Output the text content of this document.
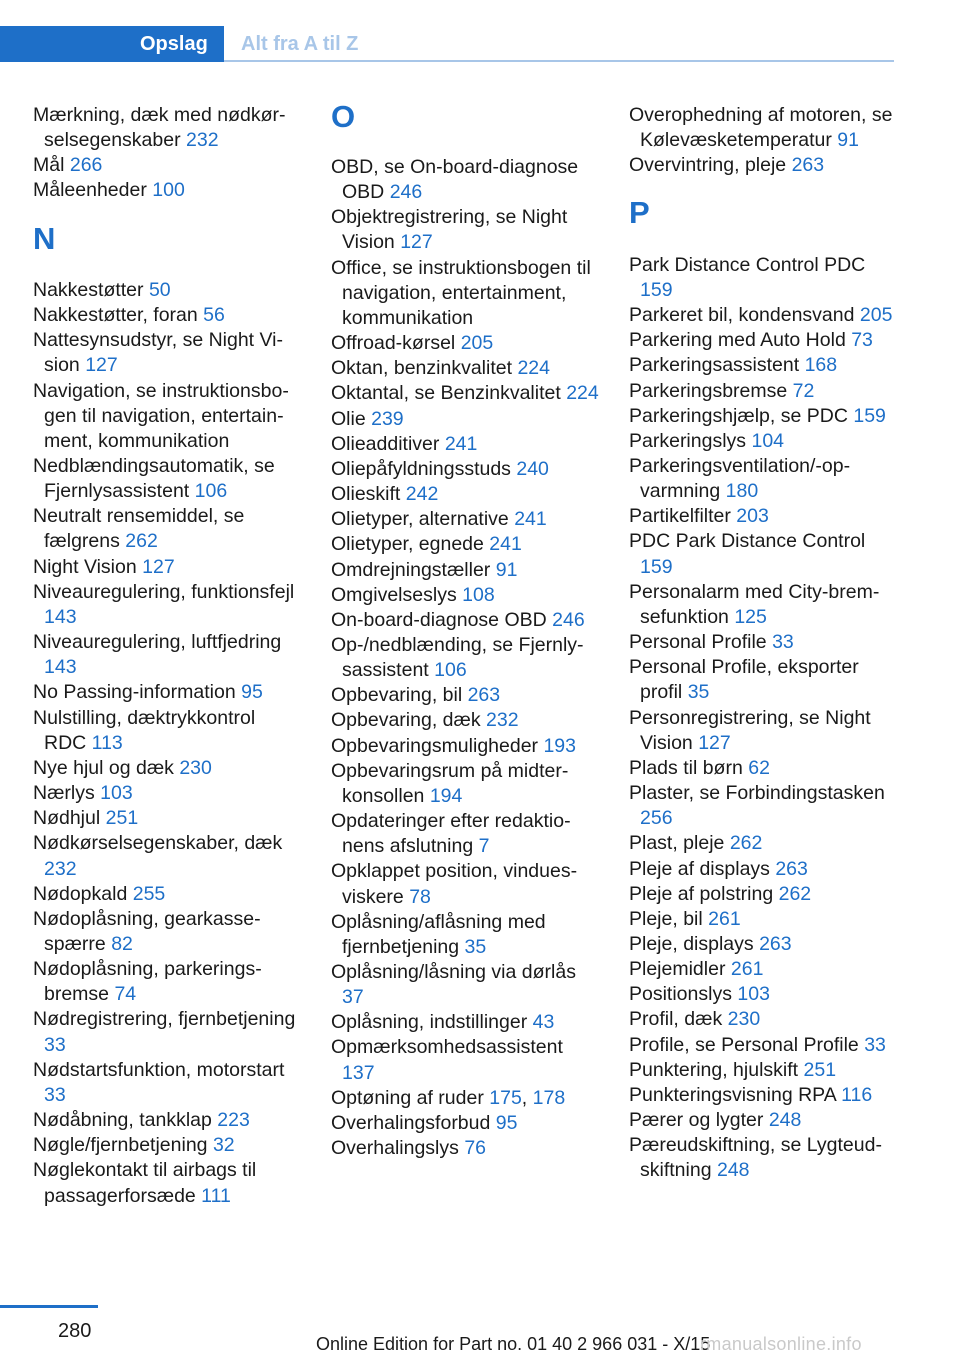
Opslag	Alt fra A til Z

Mærkning, dæk med nødkørselsegenskaber 232

Mål 266

Måleenheder 100

N

Nakkestøtter 50

Nakkestøtter, foran 56

Nattesynsudstyr, se Night Vision 127

Navigation, se instruktionsbogen til navigation, entertainment, kommunikation

Nedblændingsautomatik, se Fjernlysassistent 106

Neutralt rensemiddel, se fælgrens 262

Night Vision 127

Niveauregulering, funktionsfejl 143

Niveauregulering, luftfjedring 143

No Passing-information 95

Nulstilling, dæktrykkontrol RDC 113

Nye hjul og dæk 230

Nærlys 103

Nødhjul 251

Nødkørselsegenskaber, dæk 232

Nødopkald 255

Nødoplåsning, gearkassespærre 82

Nødoplåsning, parkeringsbremse 74

Nødregistrering, fjernbetjening 33

Nødstartsfunktion, motorstart 33

Nødåbning, tankklap 223

Nøgle/fjernbetjening 32

Nøglekontakt til airbags til passagerforsæde 111

O

OBD, se On-board-diagnose OBD 246

Objektregistrering, se Night Vision 127

Office, se instruktionsbogen til navigation, entertainment, kommunikation

Offroad-kørsel 205

Oktan, benzinkvalitet 224

Oktantal, se Benzinkvalitet 224

Olie 239

Olieadditiver 241

Oliepåfyldningsstuds 240

Olieskift 242

Olietyper, alternative 241

Olietyper, egnede 241

Omdrejningstæller 91

Omgivelseslys 108

On-board-diagnose OBD 246

Op-/nedblænding, se Fjernlysassistent 106

Opbevaring, bil 263

Opbevaring, dæk 232

Opbevaringsmuligheder 193

Opbevaringsrum på midterkonsollen 194

Opdateringer efter redaktionens afslutning 7

Opklappet position, vinduesviskere 78

Oplåsning/aflåsning med fjernbetjening 35

Oplåsning/låsning via dørlås 37

Oplåsning, indstillinger 43

Opmærksomhedsassistent 137

Optøning af ruder 175, 178

Overhalingsforbud 95

Overhalingslys 76

Overophedning af motoren, se Kølevæsketemperatur 91

Overvintring, pleje 263

P

Park Distance Control PDC 159

Parkeret bil, kondensvand 205

Parkering med Auto Hold 73

Parkeringsassistent 168

Parkeringsbremse 72

Parkeringshjælp, se PDC 159

Parkeringslys 104

Parkeringsventilation/-opvarmning 180

Partikelfilter 203

PDC Park Distance Control 159

Personalarm med City-bremsefunktion 125

Personal Profile 33

Personal Profile, eksporter profil 35

Personregistrering, se Night Vision 127

Plads til børn 62

Plaster, se Forbindingstasken 256

Plast, pleje 262

Pleje af displays 263

Pleje af polstring 262

Pleje, bil 261

Pleje, displays 263

Plejemidler 261

Positionslys 103

Profil, dæk 230

Profile, se Personal Profile 33

Punktering, hjulskift 251

Punkteringsvisning RPA 116

Pærer og lygter 248

Pæreudskiftning, se Lygteudskiftning 248

280
Online Edition for Part no. 01 40 2 966 031 - X/15
rmanualsonline.info
